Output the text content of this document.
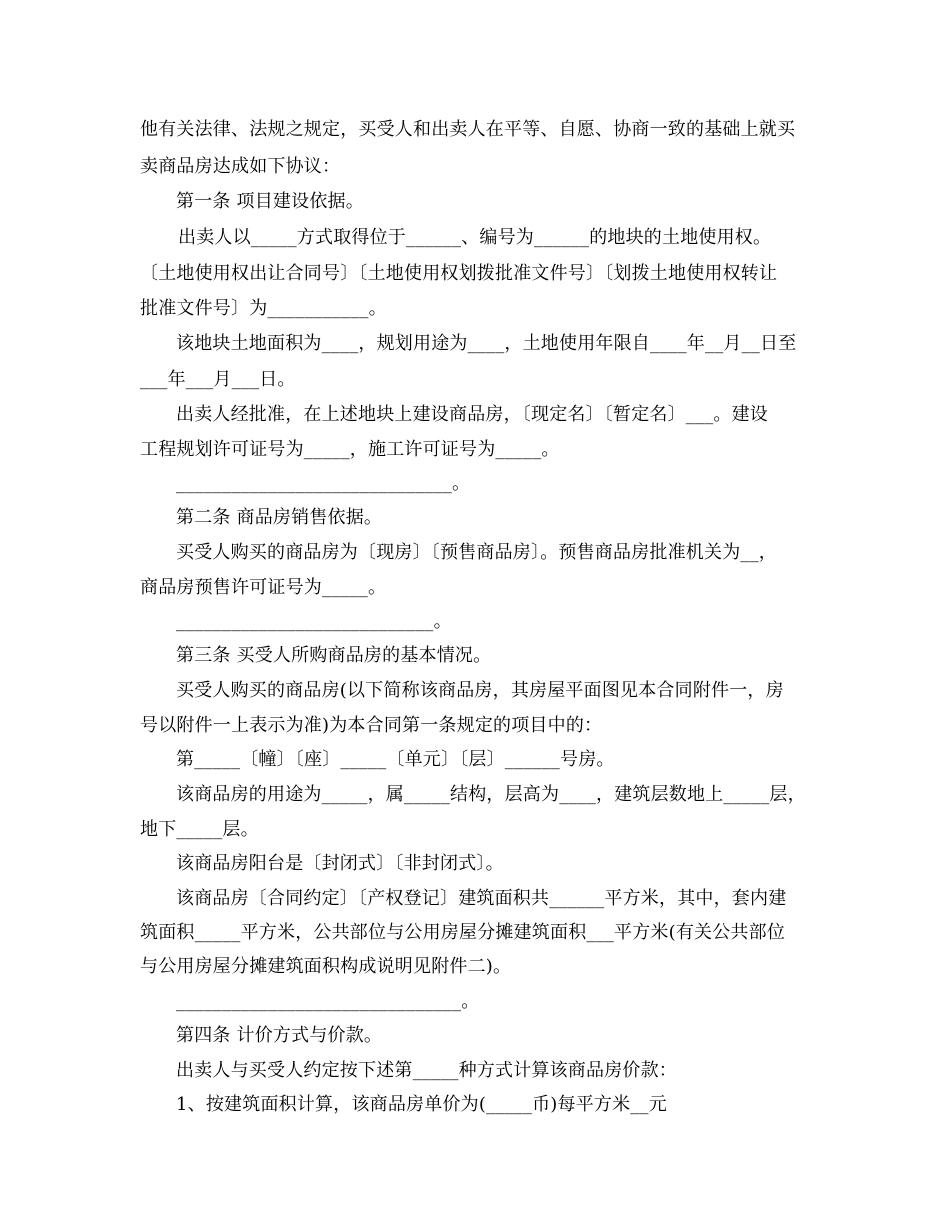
他有关法律、法规之规定，买受人和出卖人在平等、自愿、协商一致的基础上就买
卖商品房达成如下协议：
第一条 项目建设依据。
出卖人以_____方式取得位于______、编号为______的地块的土地使用权。
〔土地使用权出让合同号〕〔土地使用权划拨批准文件号〕〔划拨土地使用权转让
批准文件号〕为___________。
该地块土地面积为____，规划用途为____，土地使用年限自____年__月__日至
___年___月___日。
出卖人经批准，在上述地块上建设商品房，〔现定名〕〔暂定名〕___。建设
工程规划许可证号为_____，施工许可证号为_____。
______________________________。
第二条 商品房销售依据。
买受人购买的商品房为〔现房〕〔预售商品房〕。预售商品房批准机关为__，
商品房预售许可证号为_____。
____________________________。
第三条 买受人所购商品房的基本情况。
买受人购买的商品房(以下简称该商品房，其房屋平面图见本合同附件一，房
号以附件一上表示为准)为本合同第一条规定的项目中的：
第_____〔幢〕〔座〕_____〔单元〕〔层〕______号房。
该商品房的用途为_____，属_____结构，层高为____，建筑层数地上_____层，
地下_____层。
该商品房阳台是〔封闭式〕〔非封闭式〕。
该商品房〔合同约定〕〔产权登记〕建筑面积共______平方米，其中，套内建
筑面积_____平方米，公共部位与公用房屋分摊建筑面积___平方米(有关公共部位
与公用房屋分摊建筑面积构成说明见附件二)。
_______________________________。
第四条 计价方式与价款。
出卖人与买受人约定按下述第_____种方式计算该商品房价款：
1、按建筑面积计算，该商品房单价为(_____币)每平方米__元
